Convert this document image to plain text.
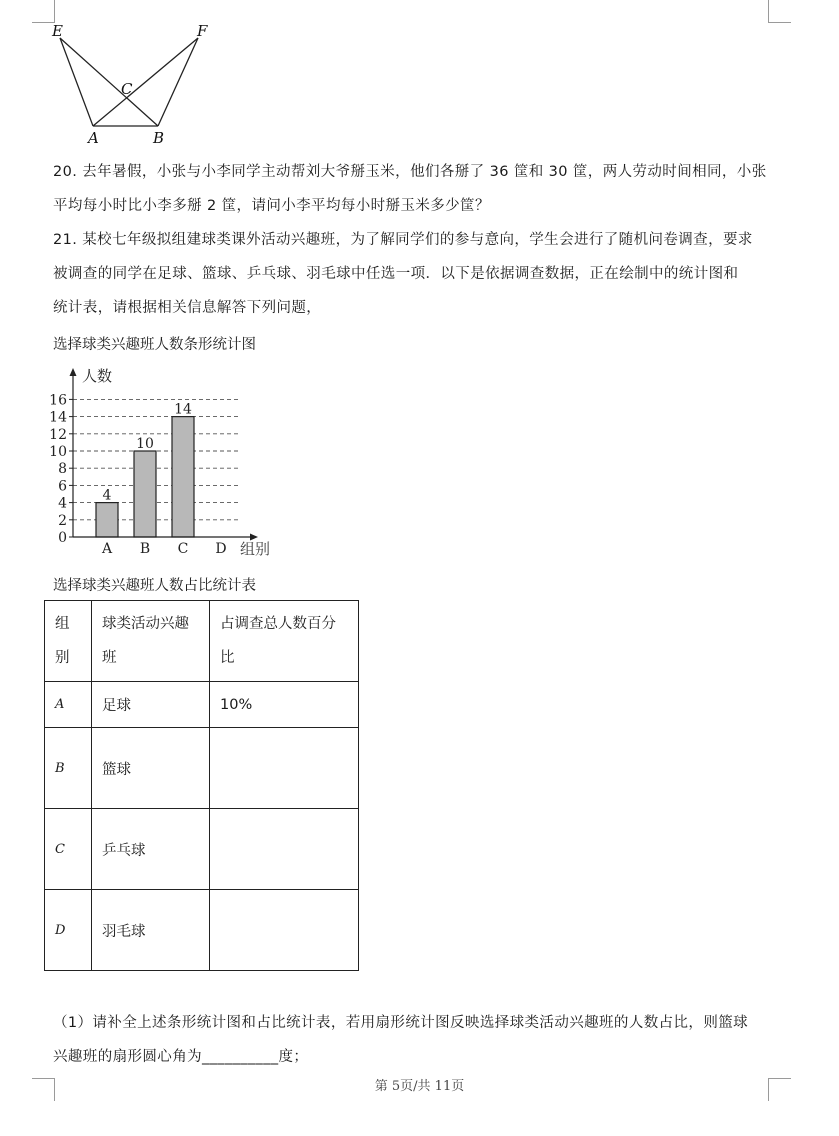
E	F
C
A	B
20. 去年暑假，小张与小李同学主动帮刘大爷掰玉米，他们各掰了 36 筐和 30 筐，两人劳动时间相同，小张
平均每小时比小李多掰 2 筐，请问小李平均每小时掰玉米多少筐？
21. 某校七年级拟组建球类课外活动兴趣班，为了解同学们的参与意向，学生会进行了随机问卷调查，要求
被调查的同学在足球、篮球、乒乓球、羽毛球中任选一项．以下是依据调查数据，正在绘制中的统计图和
统计表，请根据相关信息解答下列问题，
选择球类兴趣班人数条形统计图
0
2
4
6
8
10
12
14
16
A B C D
4
10
14
人数
组别
选择球类兴趣班人数占比统计表
组别	球类活动兴趣班	占调查总人数百分比
A	足球	10%
B	篮球	
C	乒乓球	
D	羽毛球	
（1）请补全上述条形统计图和占比统计表，若用扇形统计图反映选择球类活动兴趣班的人数占比，则篮球
兴趣班的扇形圆心角为__________度；
第 5页/共 11页
